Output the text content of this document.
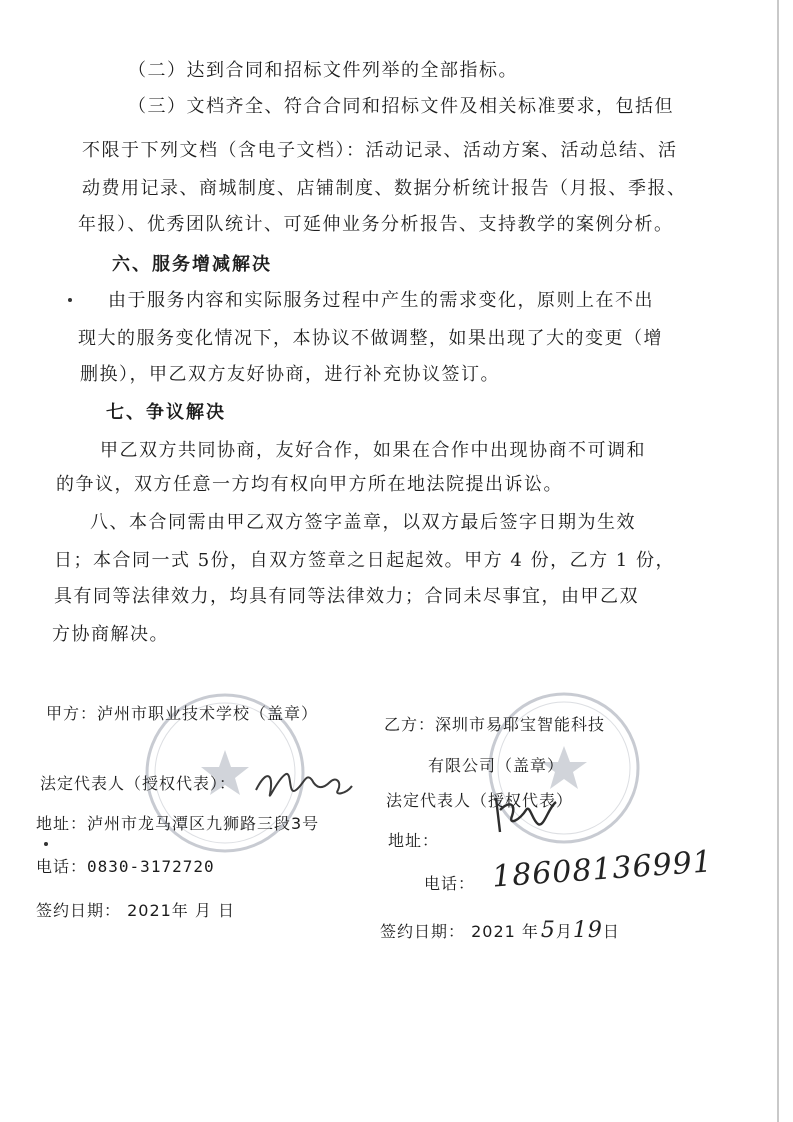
（二）达到合同和招标文件列举的全部指标。
（三）文档齐全、符合合同和招标文件及相关标准要求，包括但
不限于下列文档（含电子文档）：活动记录、活动方案、活动总结、活
动费用记录、商城制度、店铺制度、数据分析统计报告（月报、季报、
年报）、优秀团队统计、可延伸业务分析报告、支持教学的案例分析。
六、服务增减解决
由于服务内容和实际服务过程中产生的需求变化，原则上在不出
现大的服务变化情况下，本协议不做调整，如果出现了大的变更（增
删换），甲乙双方友好协商，进行补充协议签订。
七、争议解决
甲乙双方共同协商，友好合作，如果在合作中出现协商不可调和
的争议，双方任意一方均有权向甲方所在地法院提出诉讼。
八、本合同需由甲乙双方签字盖章，以双方最后签字日期为生效
日；本合同一式 5份，自双方签章之日起起效。甲方 4 份，乙方 1 份，
具有同等法律效力，均具有同等法律效力；合同未尽事宜，由甲乙双
方协商解决。
甲方：泸州市职业技术学校（盖章）
法定代表人（授权代表）：
地址：泸州市龙马潭区九狮路三段3号
电话：0830-3172720
签约日期： 2021年 月 日
乙方：深圳市易耶宝智能科技
有限公司（盖章）
法定代表人（授权代表）
地址：
电话： 18608136991
签约日期： 2021 年5月19日
